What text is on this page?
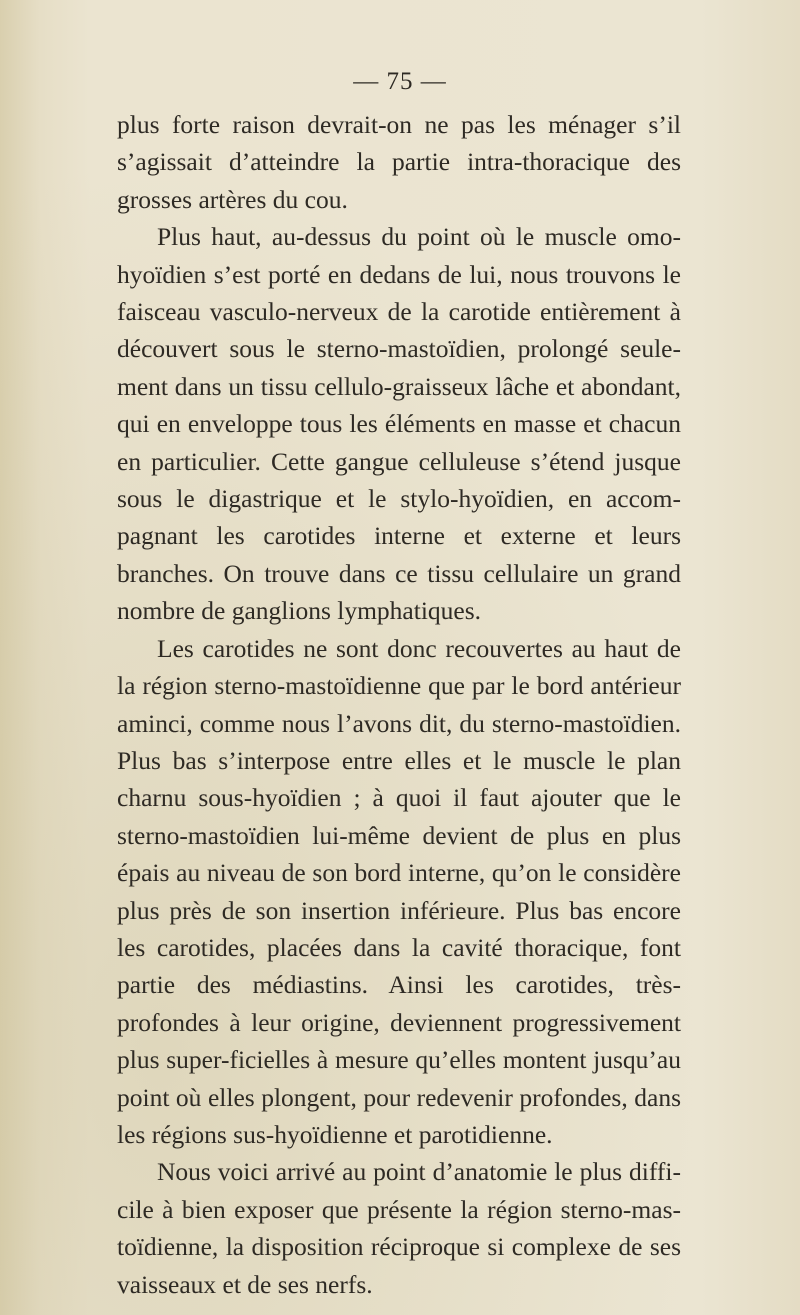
— 75 —

plus forte raison devrait-on ne pas les ménager s’il s’agissait d’atteindre la partie intra-thoracique des grosses artères du cou.

Plus haut, au-dessus du point où le muscle omo-hyoïdien s’est porté en dedans de lui, nous trouvons le faisceau vasculo-nerveux de la carotide entièrement à découvert sous le sterno-mastoïdien, prolongé seule-ment dans un tissu cellulo-graisseux lâche et abondant, qui en enveloppe tous les éléments en masse et chacun en particulier. Cette gangue celluleuse s’étend jusque sous le digastrique et le stylo-hyoïdien, en accom-pagnant les carotides interne et externe et leurs branches. On trouve dans ce tissu cellulaire un grand nombre de ganglions lymphatiques.

Les carotides ne sont donc recouvertes au haut de la région sterno-mastoïdienne que par le bord antérieur aminci, comme nous l’avons dit, du sterno-mastoïdien. Plus bas s’interpose entre elles et le muscle le plan charnu sous-hyoïdien ; à quoi il faut ajouter que le sterno-mastoïdien lui-même devient de plus en plus épais au niveau de son bord interne, qu’on le considère plus près de son insertion inférieure. Plus bas encore les carotides, placées dans la cavité thoracique, font partie des médiastins. Ainsi les carotides, très-profondes à leur origine, deviennent progressivement plus super-ficielles à mesure qu’elles montent jusqu’au point où elles plongent, pour redevenir profondes, dans les régions sus-hyoïdienne et parotidienne.

Nous voici arrivé au point d’anatomie le plus diffi-cile à bien exposer que présente la région sterno-mas-toïdienne, la disposition réciproque si complexe de ses vaisseaux et de ses nerfs.
